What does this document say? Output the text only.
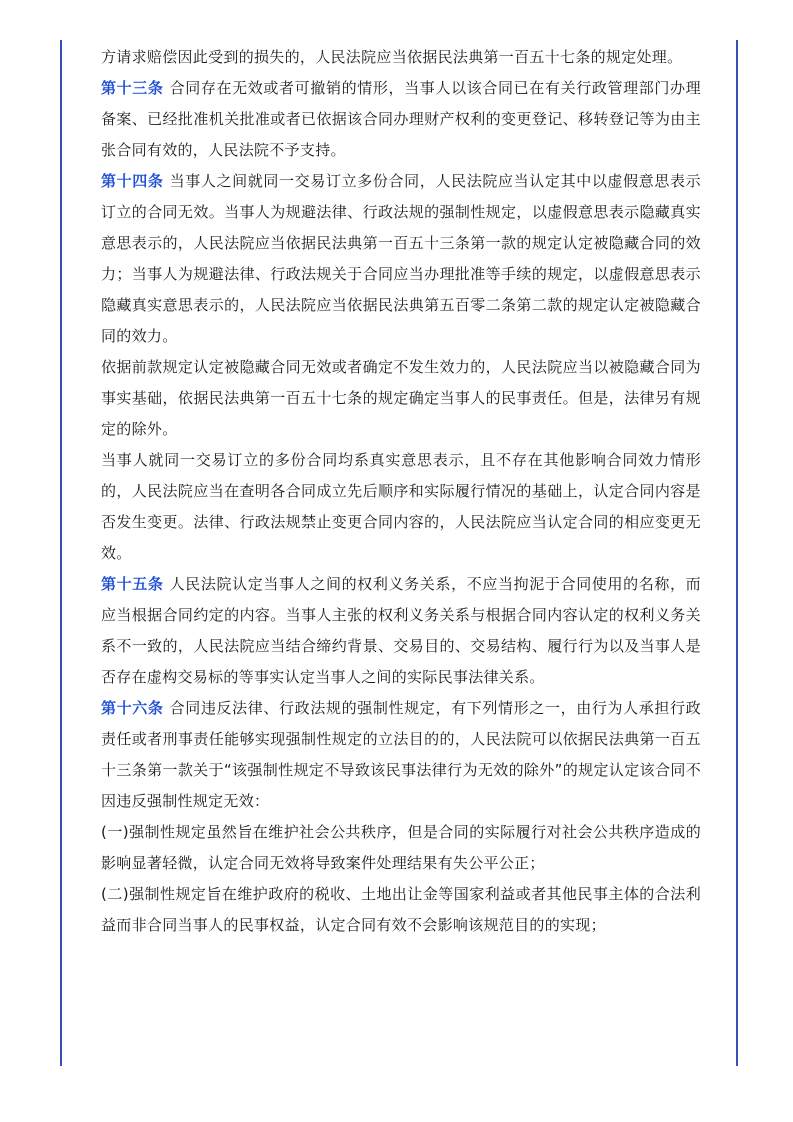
方请求赔偿因此受到的损失的，人民法院应当依据民法典第一百五十七条的规定处理。

第十三条 合同存在无效或者可撤销的情形，当事人以该合同已在有关行政管理部门办理备案、已经批准机关批准或者已依据该合同办理财产权利的变更登记、移转登记等为由主张合同有效的，人民法院不予支持。

第十四条 当事人之间就同一交易订立多份合同，人民法院应当认定其中以虚假意思表示订立的合同无效。当事人为规避法律、行政法规的强制性规定，以虚假意思表示隐藏真实意思表示的，人民法院应当依据民法典第一百五十三条第一款的规定认定被隐藏合同的效力；当事人为规避法律、行政法规关于合同应当办理批准等手续的规定，以虚假意思表示隐藏真实意思表示的，人民法院应当依据民法典第五百零二条第二款的规定认定被隐藏合同的效力。

依据前款规定认定被隐藏合同无效或者确定不发生效力的，人民法院应当以被隐藏合同为事实基础，依据民法典第一百五十七条的规定确定当事人的民事责任。但是，法律另有规定的除外。

当事人就同一交易订立的多份合同均系真实意思表示，且不存在其他影响合同效力情形的，人民法院应当在查明各合同成立先后顺序和实际履行情况的基础上，认定合同内容是否发生变更。法律、行政法规禁止变更合同内容的，人民法院应当认定合同的相应变更无效。

第十五条 人民法院认定当事人之间的权利义务关系，不应当拘泥于合同使用的名称，而应当根据合同约定的内容。当事人主张的权利义务关系与根据合同内容认定的权利义务关系不一致的，人民法院应当结合缔约背景、交易目的、交易结构、履行行为以及当事人是否存在虚构交易标的等事实认定当事人之间的实际民事法律关系。

第十六条 合同违反法律、行政法规的强制性规定，有下列情形之一，由行为人承担行政责任或者刑事责任能够实现强制性规定的立法目的的，人民法院可以依据民法典第一百五十三条第一款关于“该强制性规定不导致该民事法律行为无效的除外”的规定认定该合同不因违反强制性规定无效：

(一)强制性规定虽然旨在维护社会公共秩序，但是合同的实际履行对社会公共秩序造成的影响显著轻微，认定合同无效将导致案件处理结果有失公平公正；

(二)强制性规定旨在维护政府的税收、土地出让金等国家利益或者其他民事主体的合法利益而非合同当事人的民事权益，认定合同有效不会影响该规范目的的实现；
